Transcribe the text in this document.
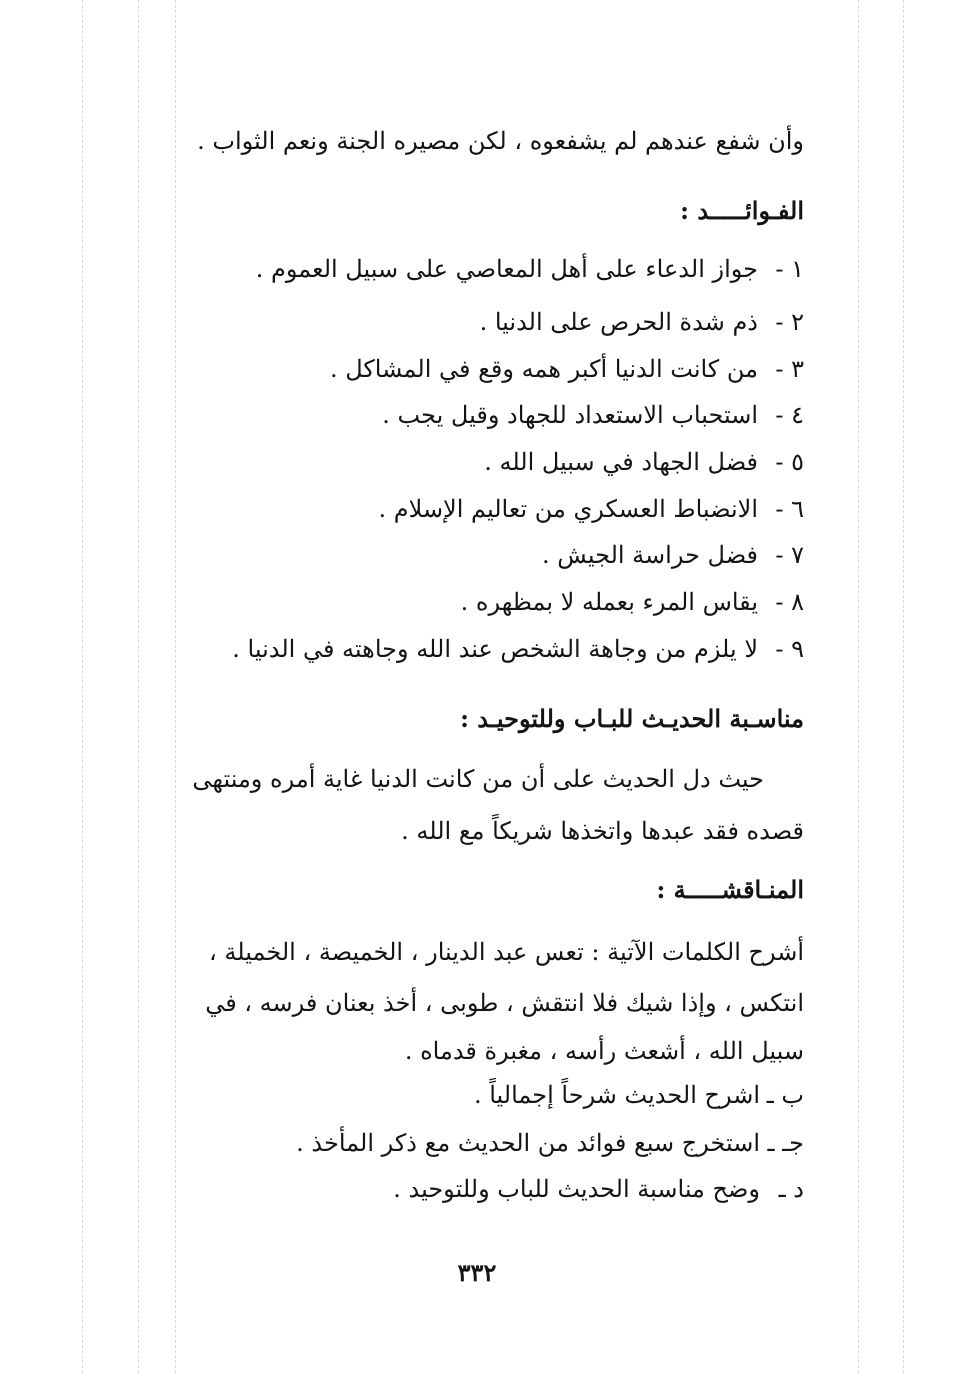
وأن شفع عندهم لم يشفعوه ، لكن مصيره الجنة ونعم الثواب .
الفـوائـــــد :
١ -جواز الدعاء على أهل المعاصي على سبيل العموم .
٢ -ذم شدة الحرص على الدنيا .
٣ -من كانت الدنيا أكبر همه وقع في المشاكل .
٤ -استحباب الاستعداد للجهاد وقيل يجب .
٥ -فضل الجهاد في سبيل الله .
٦ -الانضباط العسكري من تعاليم الإسلام .
٧ -فضل حراسة الجيش .
٨ -يقاس المرء بعمله لا بمظهره .
٩ -لا يلزم من وجاهة الشخص عند الله وجاهته في الدنيا .
مناسـبة الحديـث للبـاب وللتوحيـد :
حيث دل الحديث على أن من كانت الدنيا غاية أمره ومنتهى
قصده فقد عبدها واتخذها شريكاً مع الله .
المنـاقشـــــة :
أشرح الكلمات الآتية : تعس عبد الدينار ، الخميصة ، الخميلة ،
انتكس ، وإذا شيك فلا انتقش ، طوبى ، أخذ بعنان فرسه ، في
سبيل الله ، أشعث رأسه ، مغبرة قدماه .
ب ـاشرح الحديث شرحاً إجمالياً .
جـ ـاستخرج سبع فوائد من الحديث مع ذكر المأخذ .
د ـوضح مناسبة الحديث للباب وللتوحيد .
٣٣٢
